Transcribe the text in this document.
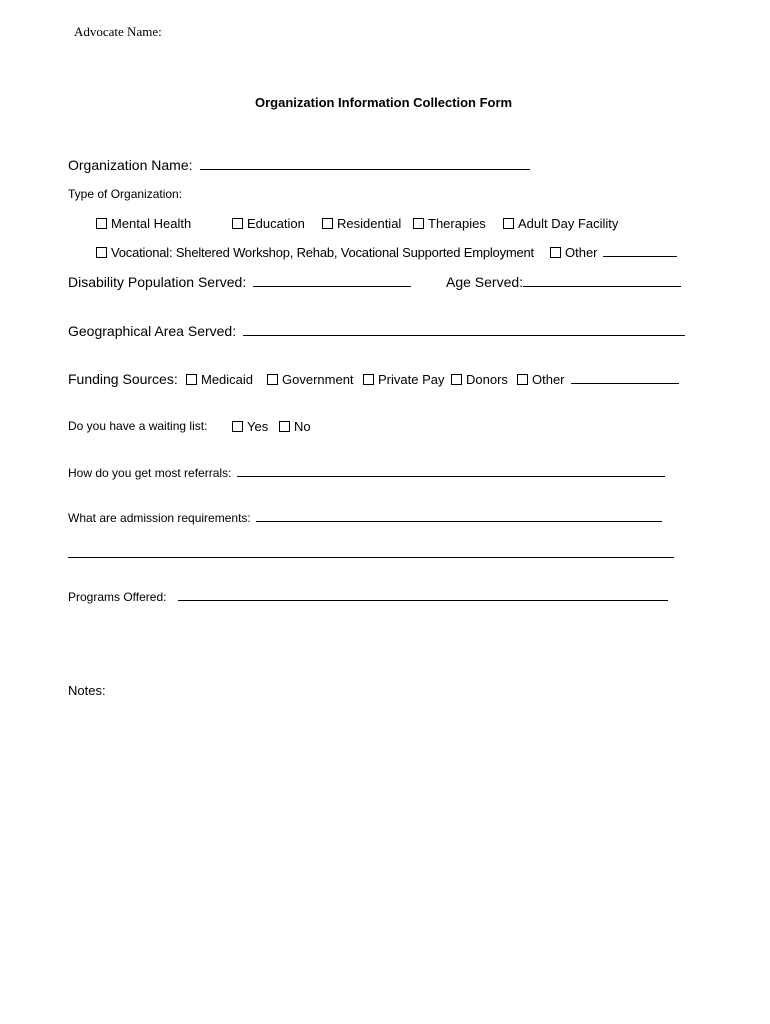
Advocate Name:
Organization Information Collection Form
Organization Name:
Type of Organization:
Mental Health	Education	Residential	Therapies	Adult Day Facility
Vocational: Sheltered Workshop, Rehab, Vocational Supported Employment	Other
Disability Population Served:	Age Served:
Geographical Area Served:
Funding Sources:	Medicaid	Government	Private Pay	Donors	Other
Do you have a waiting list:	Yes	No
How do you get most referrals:
What are admission requirements:
Programs Offered:
Notes:
